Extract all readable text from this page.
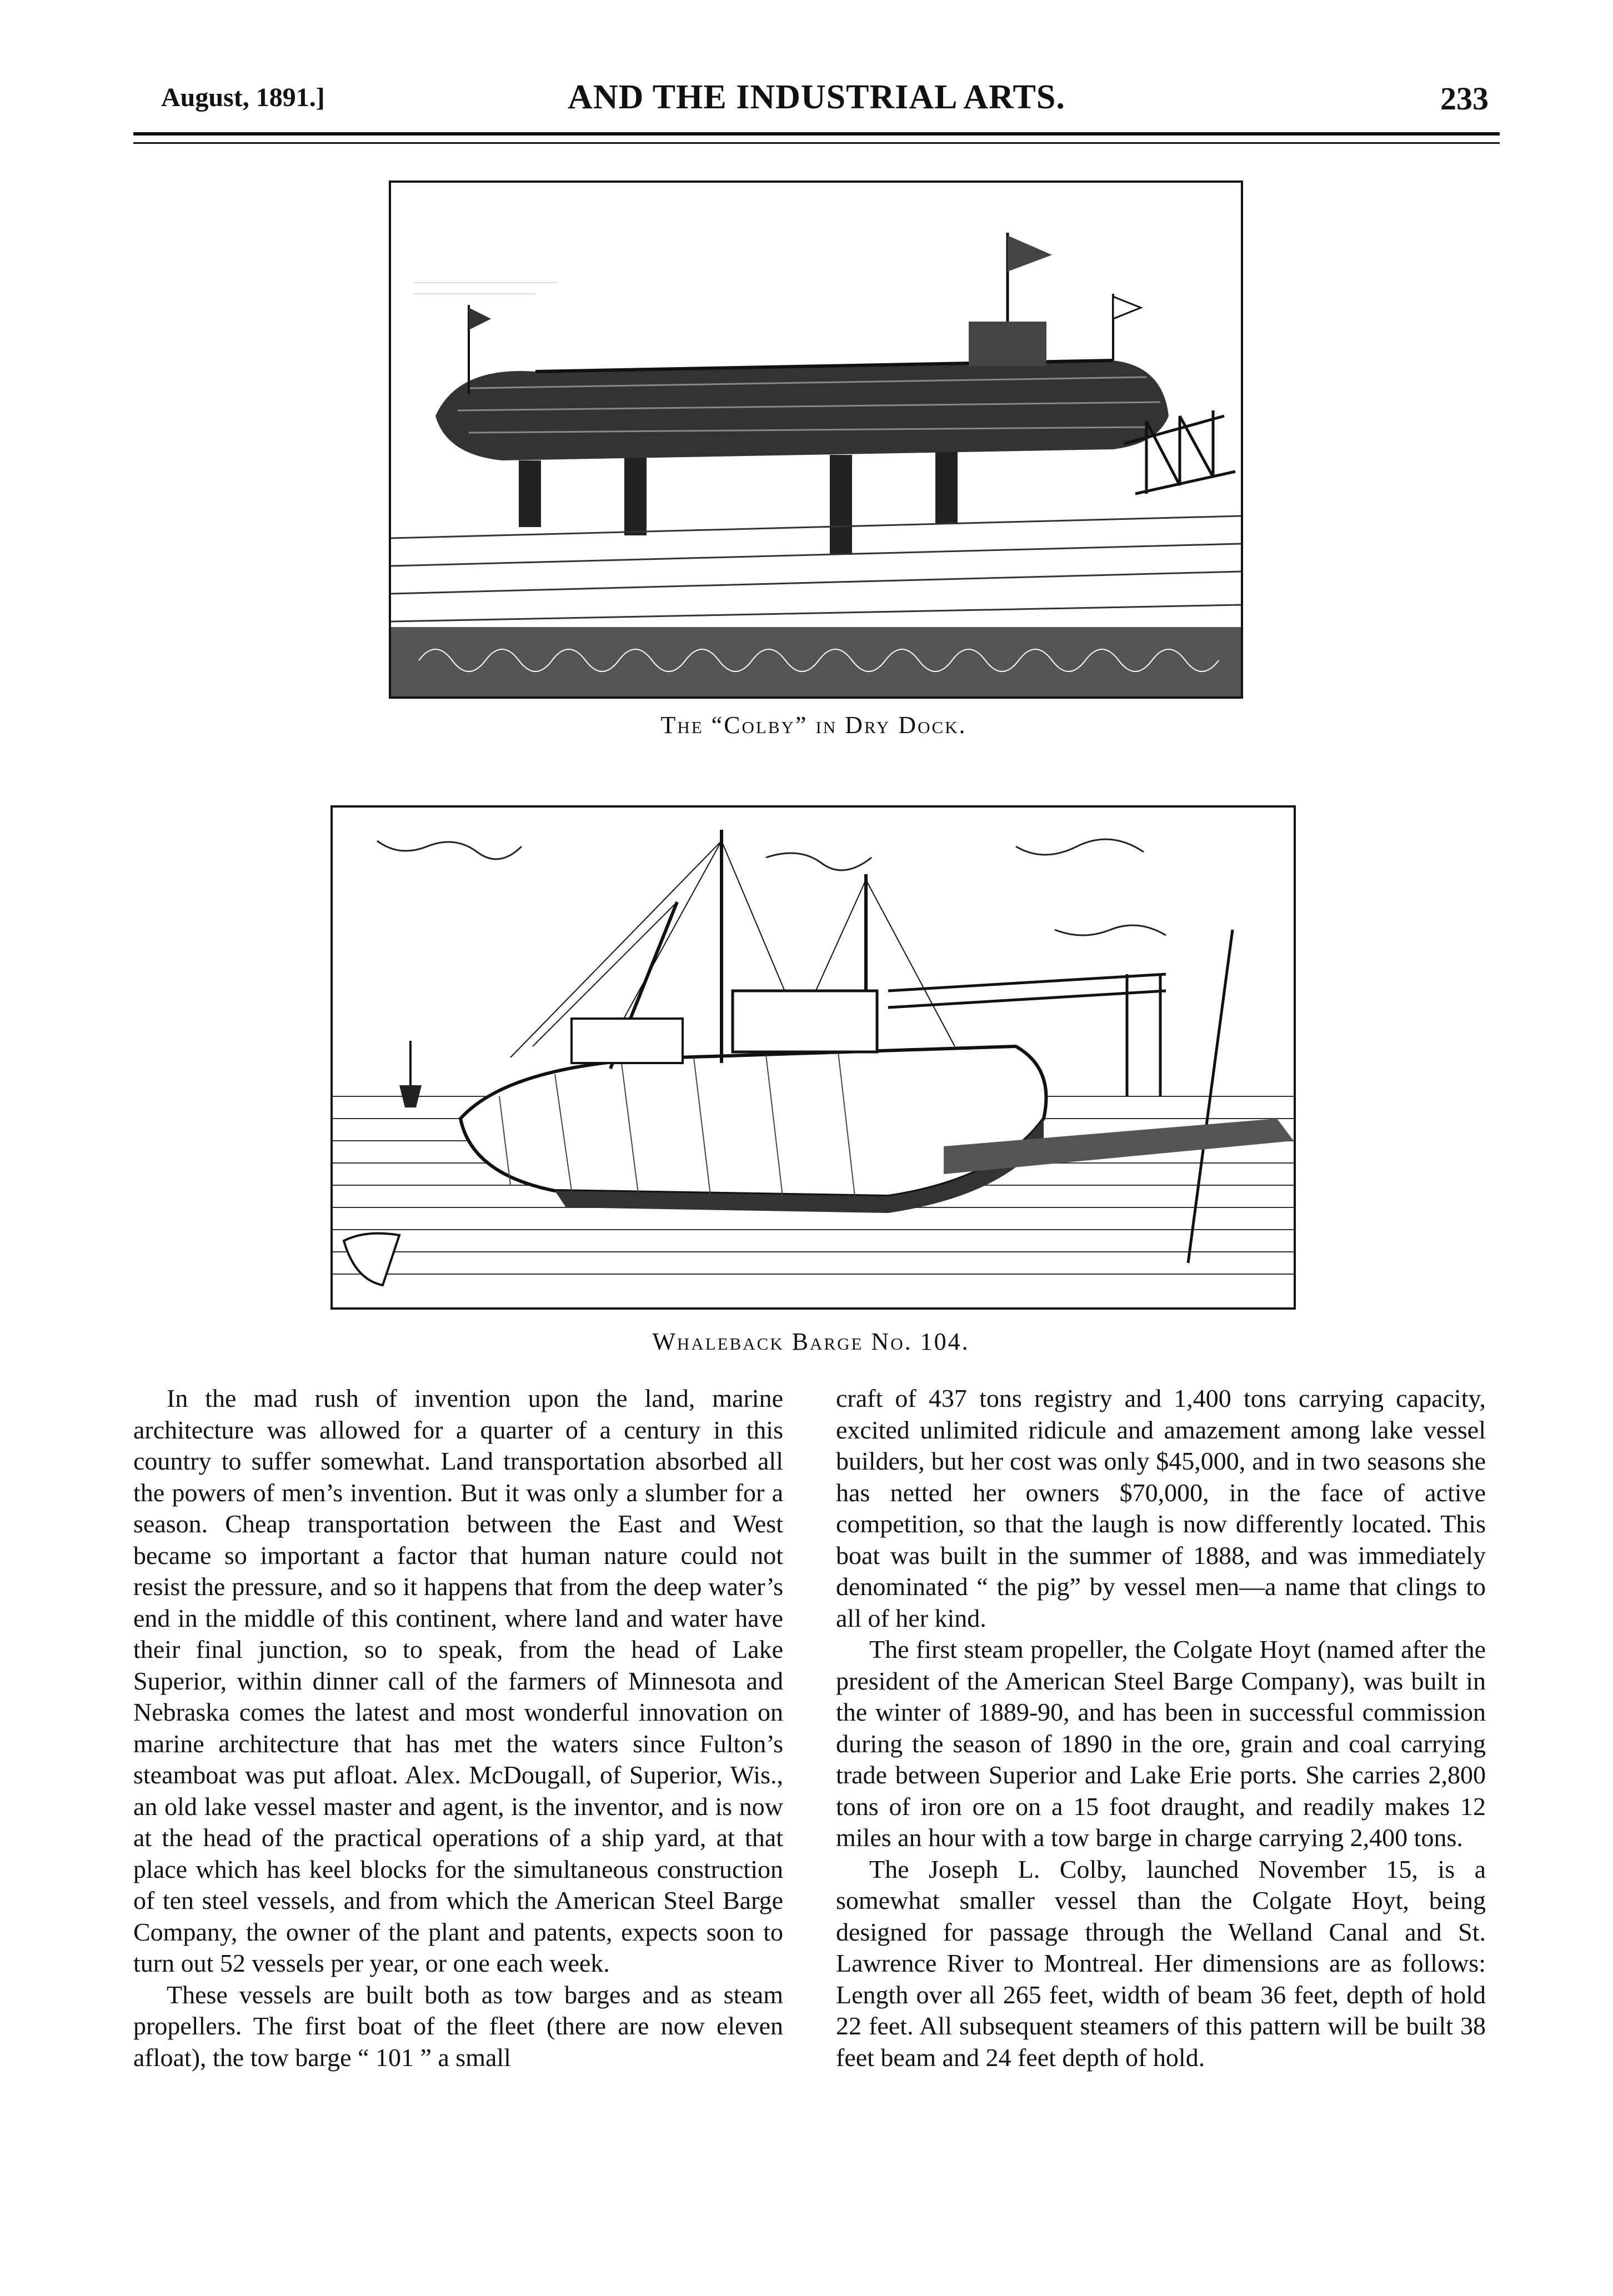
August, 1891.]	AND THE INDUSTRIAL ARTS.	233
The “Colby” in Dry Dock.
Whaleback Barge No. 104.

In the mad rush of invention upon the land, marine architecture was allowed for a quarter of a century in this country to suffer somewhat. Land transportation absorbed all the powers of men’s invention. But it was only a slumber for a season. Cheap transportation between the East and West became so important a factor that human nature could not resist the pressure, and so it happens that from the deep water’s end in the middle of this continent, where land and water have their final junction, so to speak, from the head of Lake Superior, within dinner call of the farmers of Minnesota and Nebraska comes the latest and most wonderful innovation on marine architecture that has met the waters since Fulton’s steamboat was put afloat. Alex. McDougall, of Superior, Wis., an old lake vessel master and agent, is the inventor, and is now at the head of the practical operations of a ship yard, at that place which has keel blocks for the simultaneous construction of ten steel vessels, and from which the American Steel Barge Company, the owner of the plant and patents, expects soon to turn out 52 vessels per year, or one each week.

These vessels are built both as tow barges and as steam propellers. The first boat of the fleet (there are now eleven afloat), the tow barge “ 101 ” a small

craft of 437 tons registry and 1,400 tons carrying capacity, excited unlimited ridicule and amazement among lake vessel builders, but her cost was only $45,000, and in two seasons she has netted her owners $70,000, in the face of active competition, so that the laugh is now differently located. This boat was built in the summer of 1888, and was immediately denominated “ the pig” by vessel men—a name that clings to all of her kind.

The first steam propeller, the Colgate Hoyt (named after the president of the American Steel Barge Company), was built in the winter of 1889-90, and has been in successful commission during the season of 1890 in the ore, grain and coal carrying trade between Superior and Lake Erie ports. She carries 2,800 tons of iron ore on a 15 foot draught, and readily makes 12 miles an hour with a tow barge in charge carrying 2,400 tons.

The Joseph L. Colby, launched November 15, is a somewhat smaller vessel than the Colgate Hoyt, being designed for passage through the Welland Canal and St. Lawrence River to Montreal. Her dimensions are as follows: Length over all 265 feet, width of beam 36 feet, depth of hold 22 feet. All subsequent steamers of this pattern will be built 38 feet beam and 24 feet depth of hold.
